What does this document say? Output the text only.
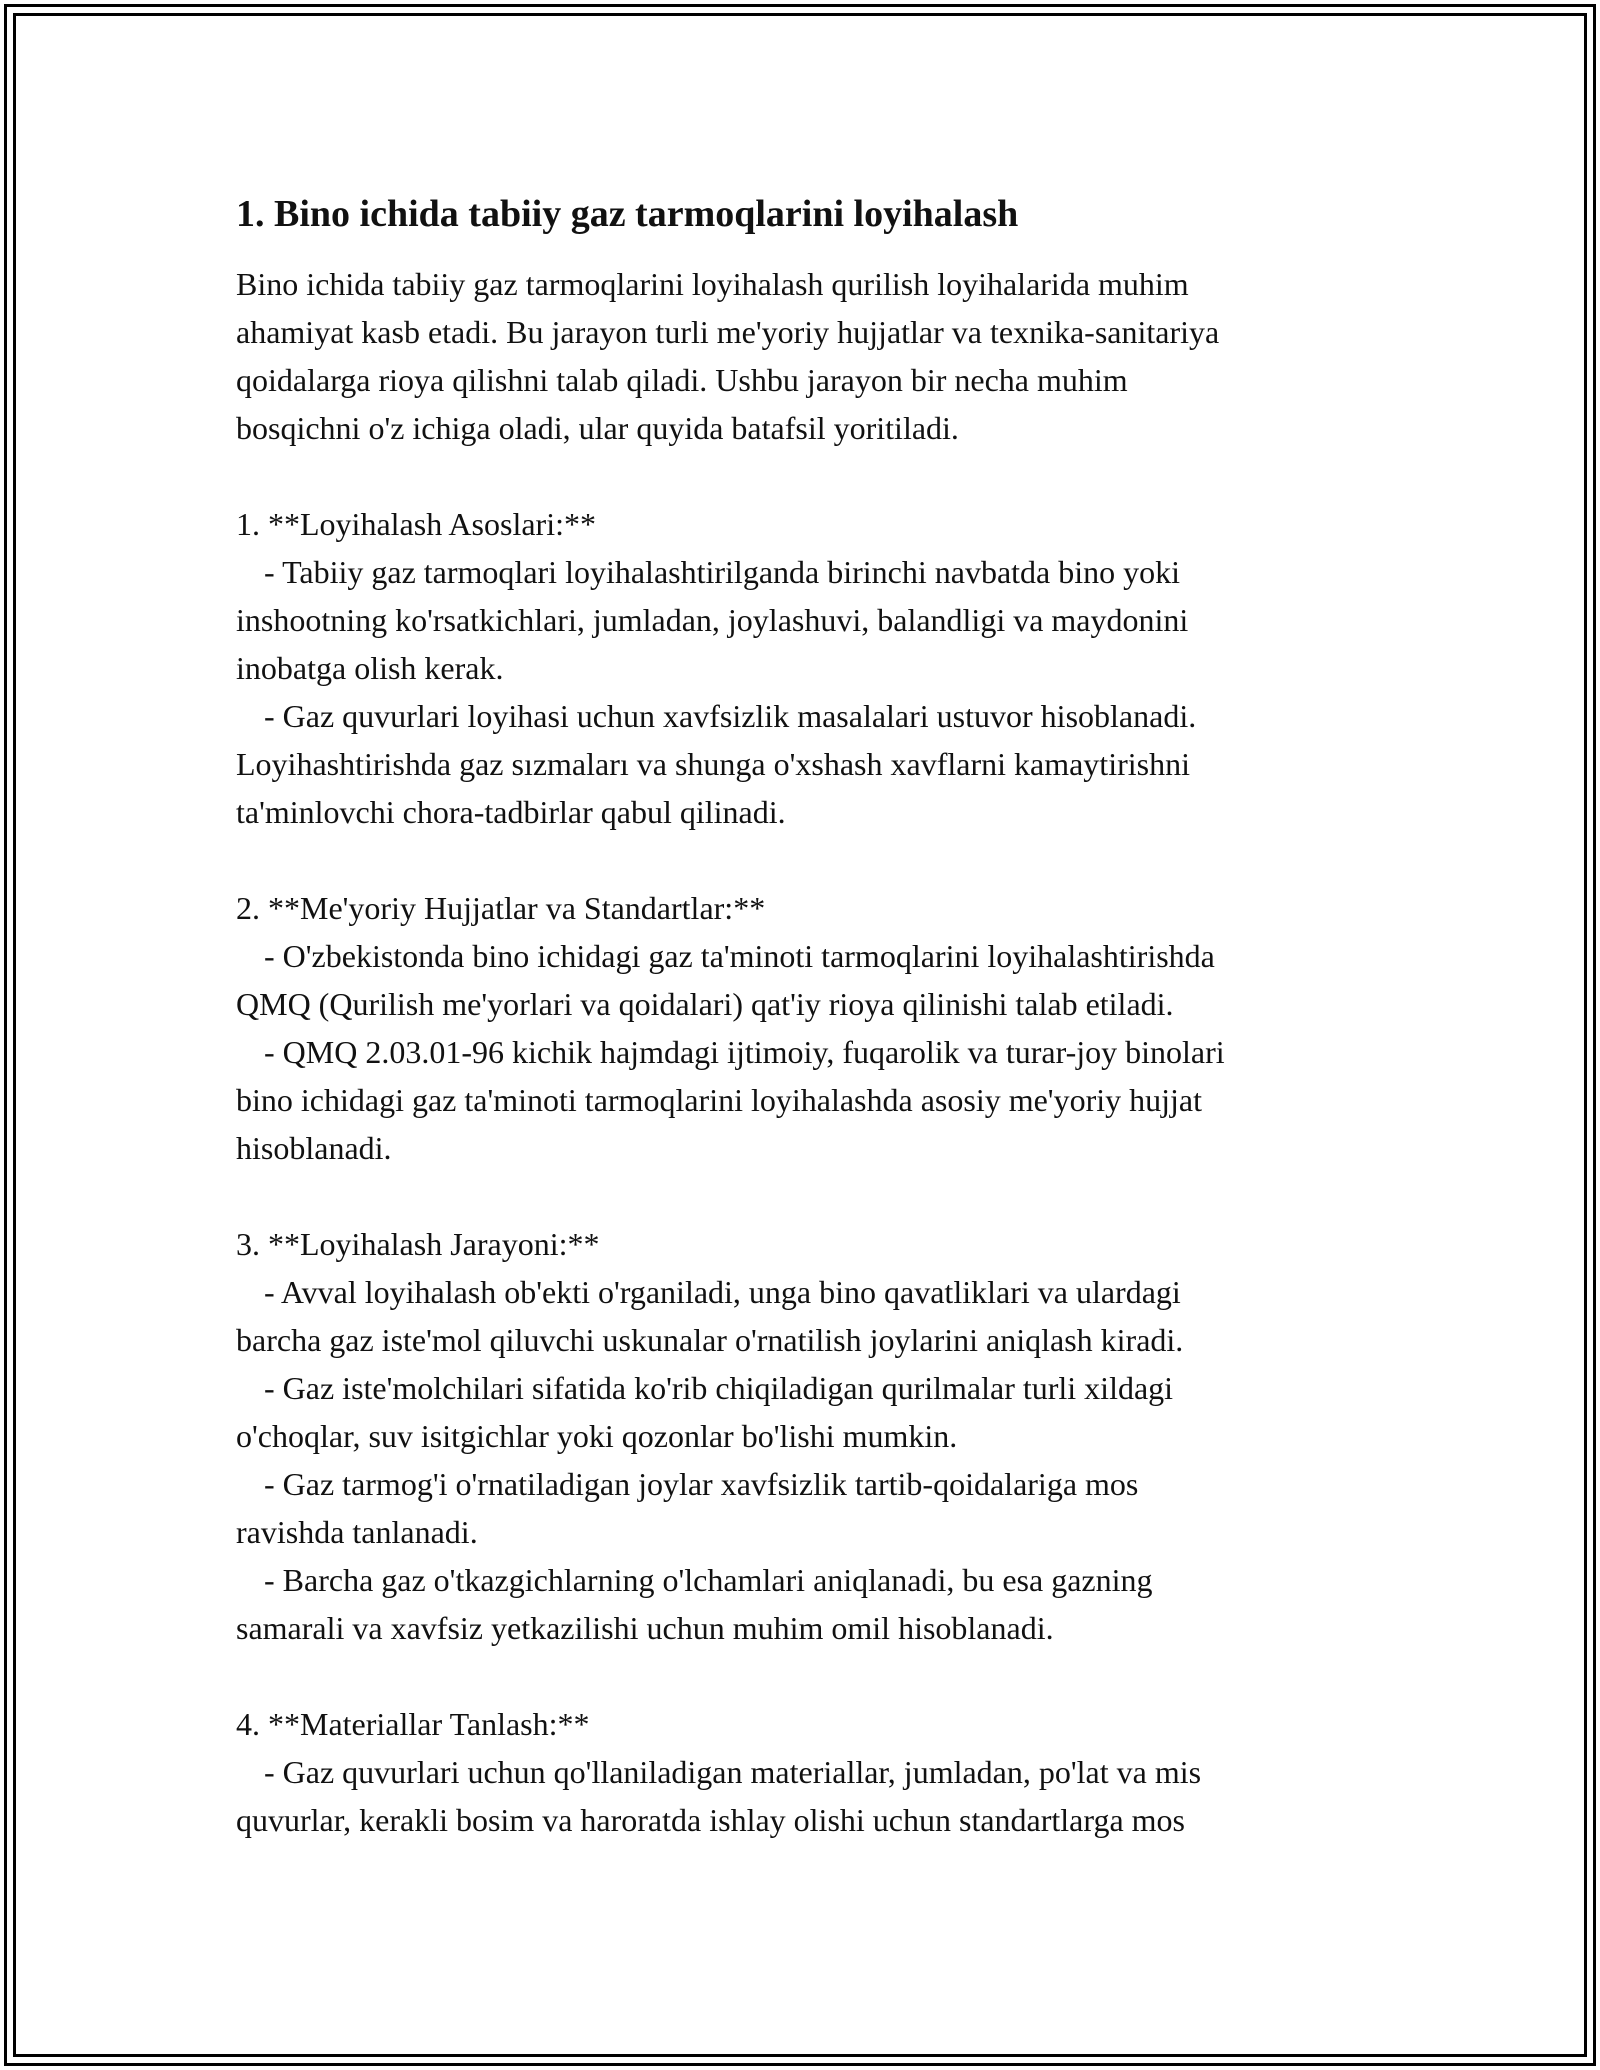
1. Bino ichida tabiiy gaz tarmoqlarini loyihalash

Bino ichida tabiiy gaz tarmoqlarini loyihalash qurilish loyihalarida muhim
ahamiyat kasb etadi. Bu jarayon turli me'yoriy hujjatlar va texnika-sanitariya
qoidalarga rioya qilishni talab qiladi. Ushbu jarayon bir necha muhim
bosqichni o'z ichiga oladi, ular quyida batafsil yoritiladi.

1. **Loyihalash Asoslari:**

- Tabiiy gaz tarmoqlari loyihalashtirilganda birinchi navbatda bino yoki
inshootning ko'rsatkichlari, jumladan, joylashuvi, balandligi va maydonini
inobatga olish kerak.

- Gaz quvurlari loyihasi uchun xavfsizlik masalalari ustuvor hisoblanadi.
Loyihashtirishda gaz sızmaları va shunga o'xshash xavflarni kamaytirishni
ta'minlovchi chora-tadbirlar qabul qilinadi.

2. **Me'yoriy Hujjatlar va Standartlar:**

- O'zbekistonda bino ichidagi gaz ta'minoti tarmoqlarini loyihalashtirishda
QMQ (Qurilish me'yorlari va qoidalari) qat'iy rioya qilinishi talab etiladi.

- QMQ 2.03.01-96 kichik hajmdagi ijtimoiy, fuqarolik va turar-joy binolari
bino ichidagi gaz ta'minoti tarmoqlarini loyihalashda asosiy me'yoriy hujjat
hisoblanadi.

3. **Loyihalash Jarayoni:**

- Avval loyihalash ob'ekti o'rganiladi, unga bino qavatliklari va ulardagi
barcha gaz iste'mol qiluvchi uskunalar o'rnatilish joylarini aniqlash kiradi.

- Gaz iste'molchilari sifatida ko'rib chiqiladigan qurilmalar turli xildagi
o'choqlar, suv isitgichlar yoki qozonlar bo'lishi mumkin.

- Gaz tarmog'i o'rnatiladigan joylar xavfsizlik tartib-qoidalariga mos
ravishda tanlanadi.

- Barcha gaz o'tkazgichlarning o'lchamlari aniqlanadi, bu esa gazning
samarali va xavfsiz yetkazilishi uchun muhim omil hisoblanadi.

4. **Materiallar Tanlash:**

- Gaz quvurlari uchun qo'llaniladigan materiallar, jumladan, po'lat va mis
quvurlar, kerakli bosim va haroratda ishlay olishi uchun standartlarga mos
